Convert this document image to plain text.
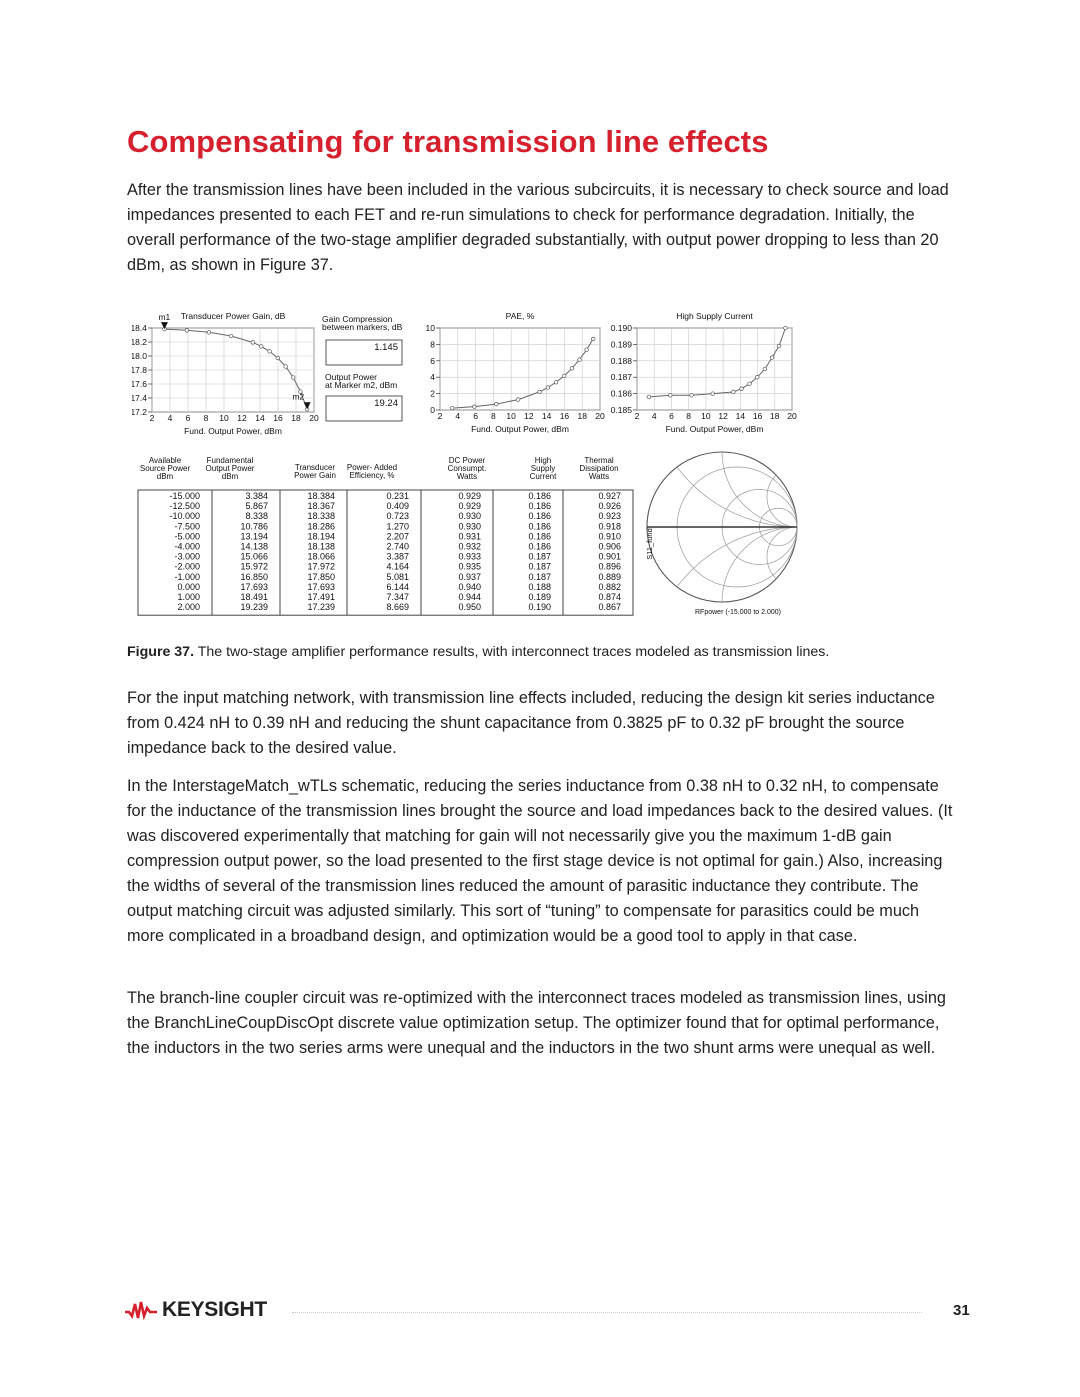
Compensating for transmission line effects

After the transmission lines have been included in the various subcircuits, it is necessary to check source and load impedances presented to each FET and re-run simulations to check for performance degradation. Initially, the overall performance of the two-stage amplifier degraded substantially, with output power dropping to less than 20 dBm, as shown in Figure 37.

2 4 6 8 10 12 14 16 18 20
18.4
18.2
18.0
17.8
17.6
17.4
17.2
Transducer Power Gain, dB
Fund. Output Power, dBm
2 4 6 8 10 12 14 16 18 20
10
8
6
4
2
0
PAE, %
Fund. Output Power, dBm
2 4 6 8 10 12 14 16 18 20
0.190
0.189
0.188
0.187
0.186
0.185
High Supply Current
Fund. Output Power, dBm
m1
m2
Gain Compression
between markers, dB
1.145
Output Power
at Marker m2, dBm
19.24
Available
Source Power
dBm
Fundamental
Output Power
dBm
Transducer
Power Gain
Power- Added
Efficiency, %
DC Power
Consumpt.
Watts
High
Supply
Current
Thermal
Dissipation
Watts
-15.000	3.384	18.384	0.231	0.929	0.186	0.927
-12.500	5.867	18.367	0.409	0.929	0.186	0.926
-10.000	8.338	18.338	0.723	0.930	0.186	0.923
-7.500	10.786	18.286	1.270	0.930	0.186	0.918
-5.000	13.194	18.194	2.207	0.931	0.186	0.910
-4.000	14.138	18.138	2.740	0.932	0.186	0.906
-3.000	15.066	18.066	3.387	0.933	0.187	0.901
-2.000	15.972	17.972	4.164	0.935	0.187	0.896
-1.000	16.850	17.850	5.081	0.937	0.187	0.889
0.000	17.693	17.693	6.144	0.940	0.188	0.882
1.000	18.491	17.491	7.347	0.944	0.189	0.874
2.000	19.239	17.239	8.669	0.950	0.190	0.867
S11_fund
RFpower (-15.000 to 2.000)

Figure 37. The two-stage amplifier performance results, with interconnect traces modeled as transmission lines.

For the input matching network, with transmission line effects included, reducing the design kit series inductance from 0.424 nH to 0.39 nH and reducing the shunt capacitance from 0.3825 pF to 0.32 pF brought the source impedance back to the desired value.

In the InterstageMatch_wTLs schematic, reducing the series inductance from 0.38 nH to 0.32 nH, to compensate for the inductance of the transmission lines brought the source and load impedances back to the desired values. (It was discovered experimentally that matching for gain will not necessarily give you the maximum 1-dB gain compression output power, so the load presented to the first stage device is not optimal for gain.) Also, increasing the widths of several of the transmission lines reduced the amount of parasitic inductance they contribute. The output matching circuit was adjusted similarly. This sort of “tuning” to compensate for parasitics could be much more complicated in a broadband design, and optimization would be a good tool to apply in that case.

The branch-line coupler circuit was re-optimized with the interconnect traces modeled as transmission lines, using the BranchLineCoupDiscOpt discrete value optimization setup. The optimizer found that for optimal performance, the inductors in the two series arms were unequal and the inductors in the two shunt arms were unequal as well.

KEYSIGHT	31
